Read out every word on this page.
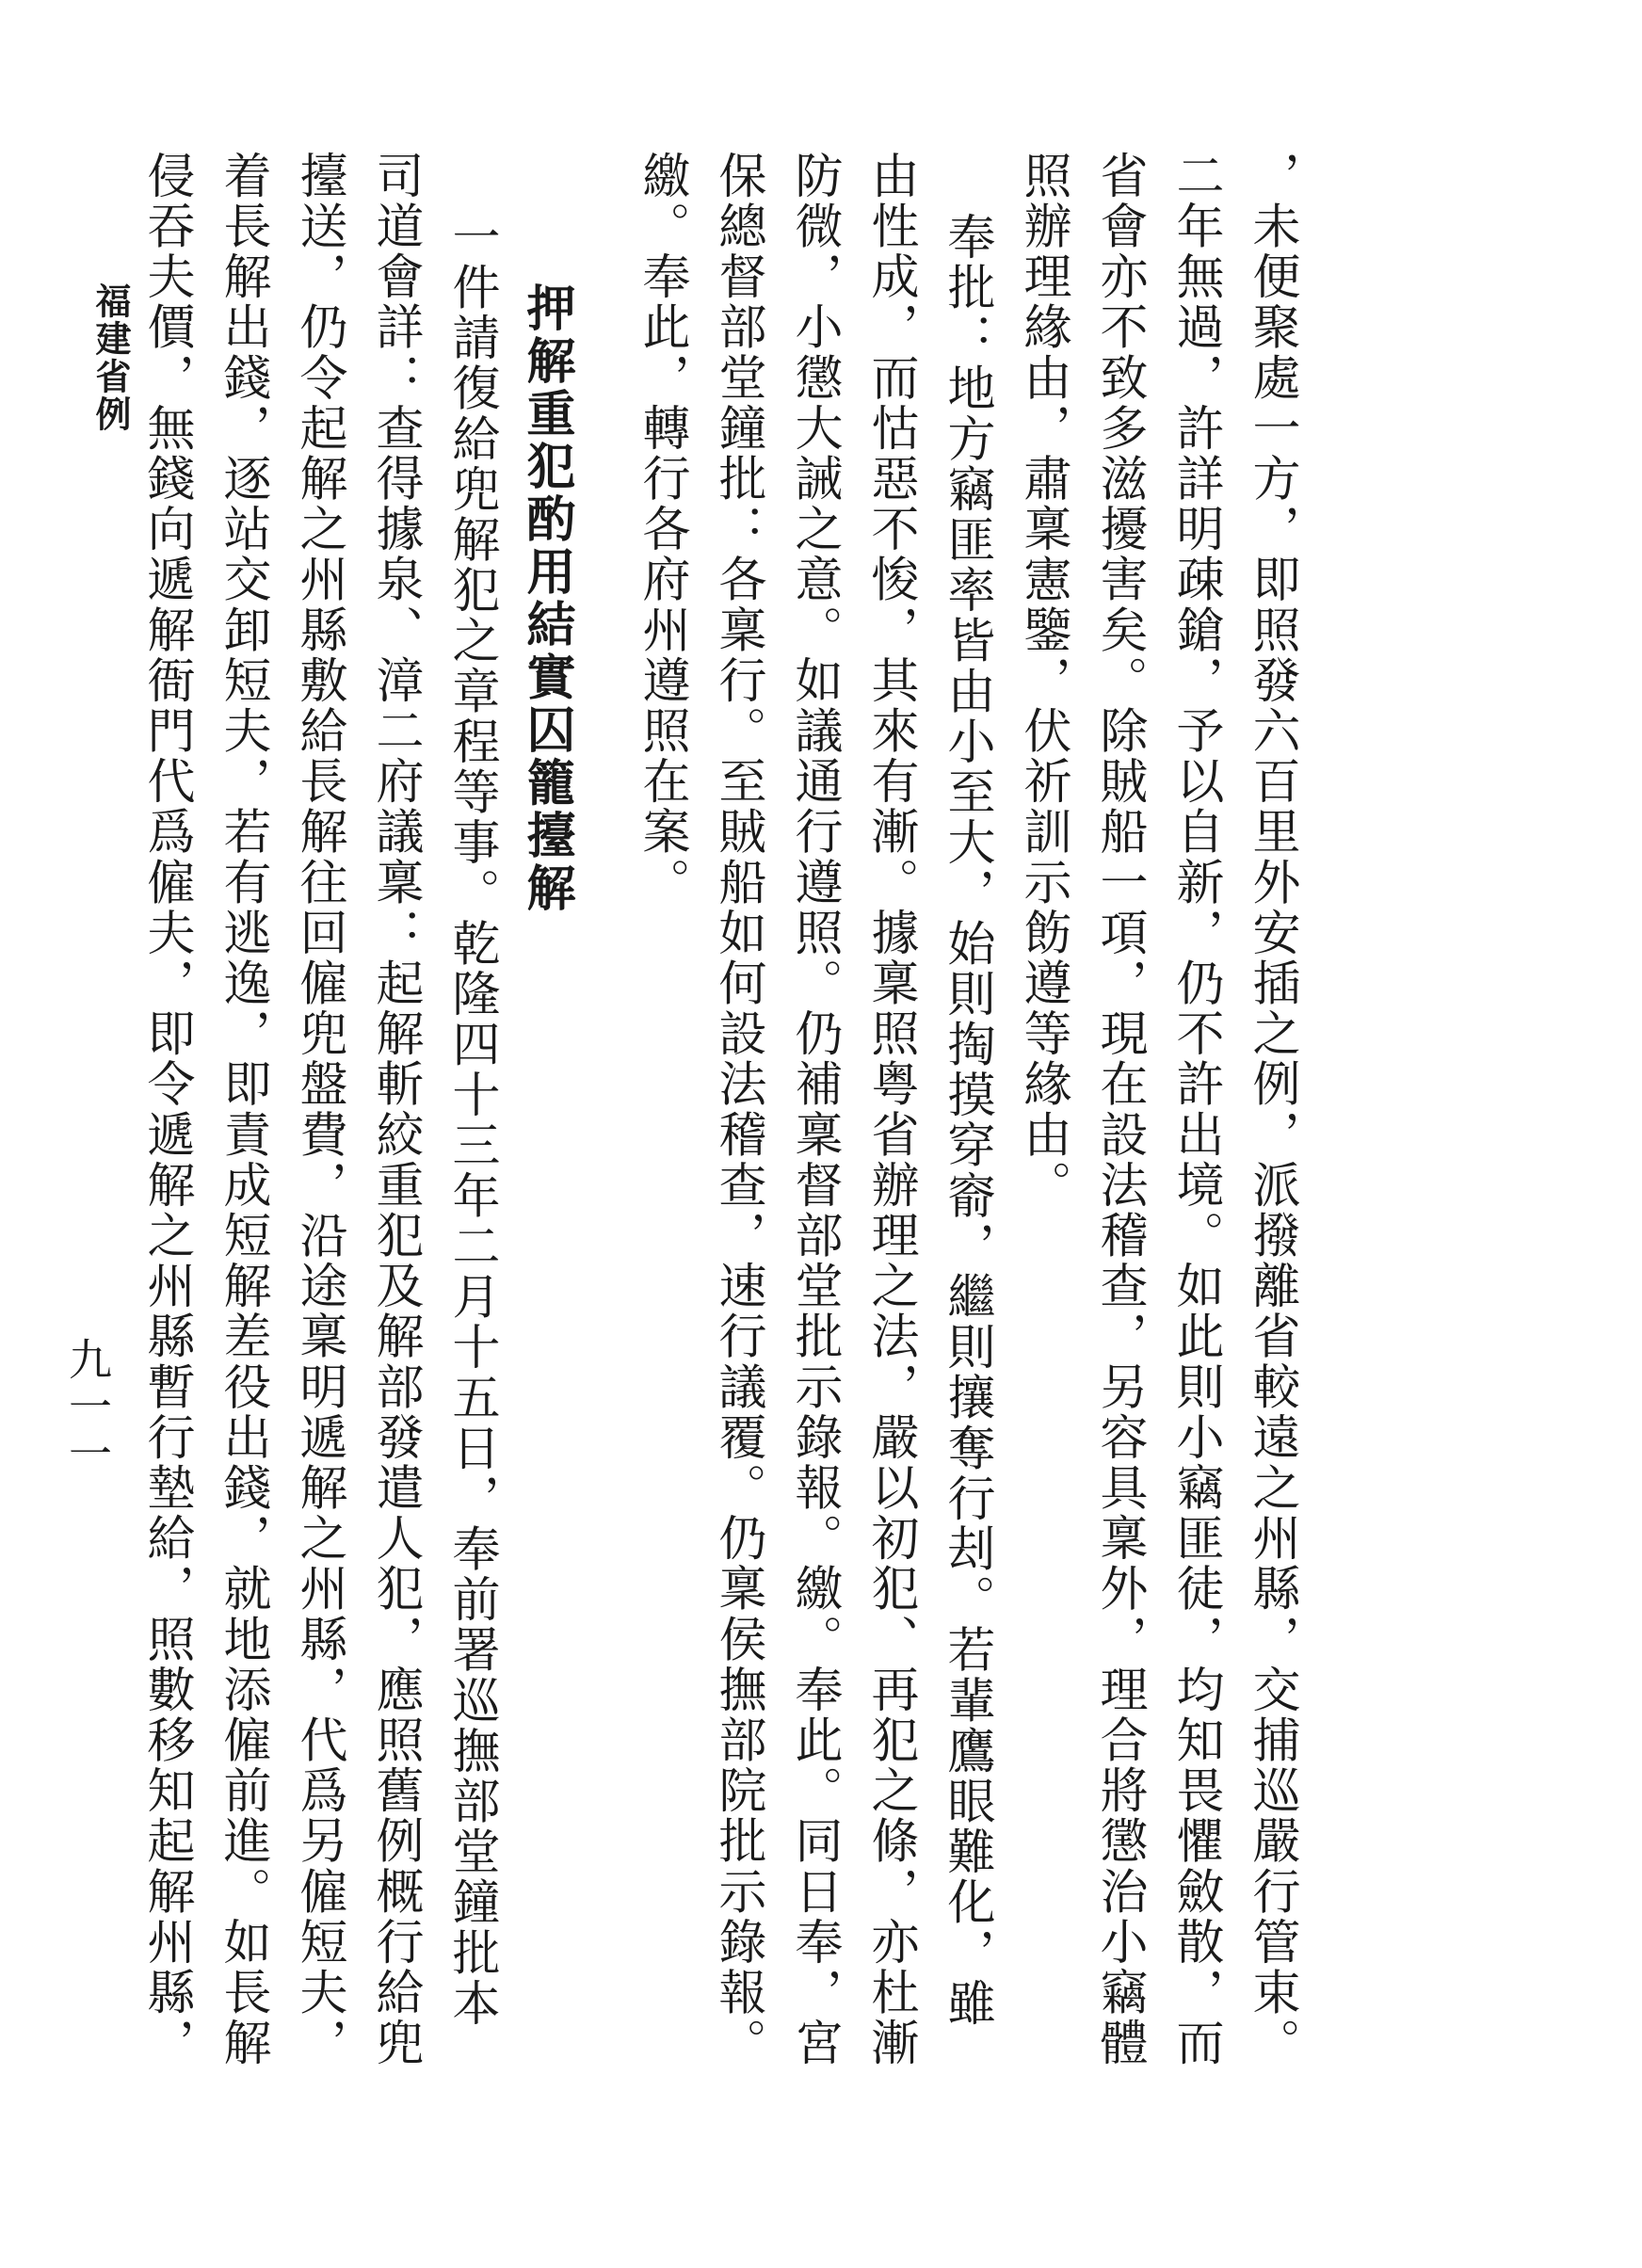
，未便聚處一方，即照發六百里外安插之例，派撥離省較遠之州縣，交捕巡嚴行管束。
二年無過，許詳明疎鎗，予以自新，仍不許出境。如此則小竊匪徒，均知畏懼斂散，而
省會亦不致多滋擾害矣。除賊船一項，現在設法稽查，另容具稟外，理合將懲治小竊體
照辦理緣由，肅稟憲鑒，伏祈訓示飭遵等緣由。
奉批：地方竊匪率皆由小至大，始則掏摸穿窬，繼則攘奪行刦。若輩鷹眼難化，雖
由性成，而怙惡不悛，其來有漸。據稟照粤省辦理之法，嚴以初犯、再犯之條，亦杜漸
防微，小懲大誡之意。如議通行遵照。仍補稟督部堂批示錄報。繳。奉此。同日奉，宮
保總督部堂鐘批：各稟行。至賊船如何設法稽查，速行議覆。仍稟侯撫部院批示錄報。
繳。奉此，轉行各府州遵照在案。
押解重犯酌用結實囚籠擡解
一件請復給兜解犯之章程等事。乾隆四十三年二月十五日，奉前署巡撫部堂鐘批本
司道會詳：查得據泉、漳二府議稟：起解斬絞重犯及解部發遣人犯，應照舊例概行給兜
擡送，仍令起解之州縣敷給長解往回僱兜盤費，沿途稟明遞解之州縣，代爲另僱短夫，
着長解出錢，逐站交卸短夫，若有逃逸，即責成短解差役出錢，就地添僱前進。如長解
侵吞夫價，無錢向遞解衙門代爲僱夫，即令遞解之州縣暫行墊給，照數移知起解州縣，
福建省例
九一一
